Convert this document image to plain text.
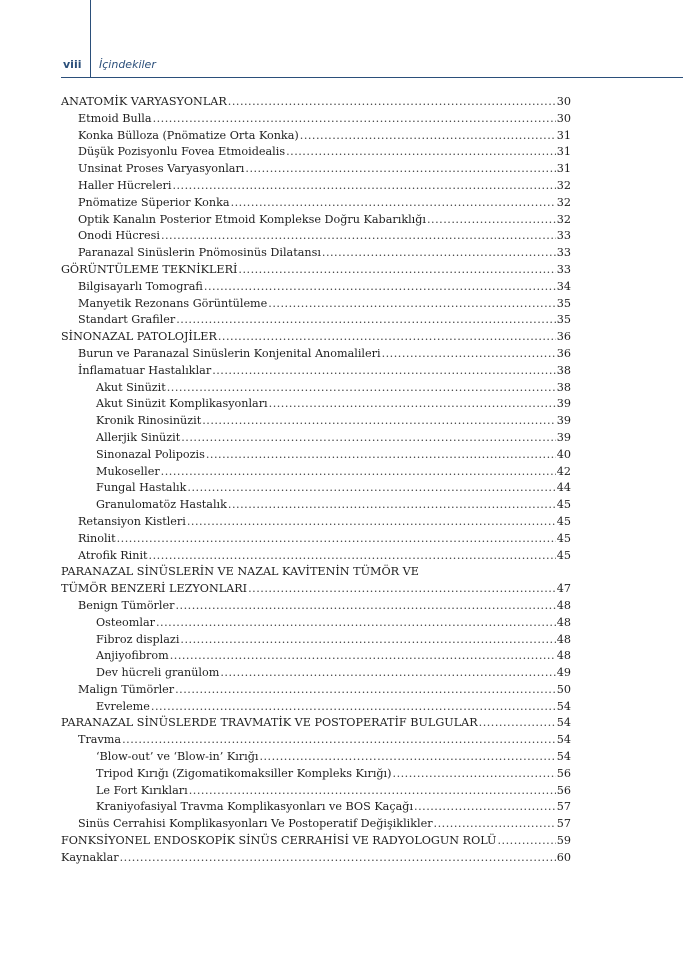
viii İçindekiler
ANATOMİK VARYASYONLAR .....	30
Etmoid Bulla .....	30
Konka Bülloza (Pnömatize Orta Konka) .....	31
Düşük Pozisyonlu Fovea Etmoidealis .....	31
Unsinat Proses Varyasyonları .....	31
Haller Hücreleri .....	32
Pnömatize Süperior Konka .....	32
Optik Kanalın Posterior Etmoid Komplekse Doğru Kabarıklığı .....	32
Onodi Hücresi .....	33
Paranazal Sinüslerin Pnömosinüs Dilatansı .....	33
GÖRÜNTÜLEME TEKNİKLERİ .....	33
Bilgisayarlı Tomografi .....	34
Manyetik Rezonans Görüntüleme .....	35
Standart Grafiler .....	35
SİNONAZAL PATOLOJİLER .....	36
Burun ve Paranazal Sinüslerin Konjenital Anomalileri .....	36
İnflamatuar Hastalıklar .....	38
Akut Sinüzit .....	38
Akut Sinüzit Komplikasyonları .....	39
Kronik Rinosinüzit .....	39
Allerjik Sinüzit .....	39
Sinonazal Polipozis .....	40
Mukoseller .....	42
Fungal Hastalık .....	44
Granulomatöz Hastalık .....	45
Retansiyon Kistleri .....	45
Rinolit .....	45
Atrofik Rinit .....	45
PARANAZAL SİNÜSLERİN VE NAZAL KAVİTENİN TÜMÖR VE
TÜMÖR BENZERİ LEZYONLARI .....	47
Benign Tümörler .....	48
Osteomlar .....	48
Fibroz displazi .....	48
Anjiyofibrom .....	48
Dev hücreli granülom .....	49
Malign Tümörler .....	50
Evreleme .....	54
PARANAZAL SİNÜSLERDE TRAVMATİK VE POSTOPERATİF BULGULAR .....	54
Travma .....	54
‘Blow-out’ ve ‘Blow-in’ Kırığı .....	54
Tripod Kırığı (Zigomatikomaksiller Kompleks Kırığı) .....	56
Le Fort Kırıkları .....	56
Kraniyofasiyal Travma Komplikasyonları ve BOS Kaçağı .....	57
Sinüs Cerrahisi Komplikasyonları Ve Postoperatif Değişiklikler .....	57
FONKSİYONEL ENDOSKOPİK SİNÜS CERRAHİSİ VE RADYOLOGUN ROLÜ .....	59
Kaynaklar .....	60
